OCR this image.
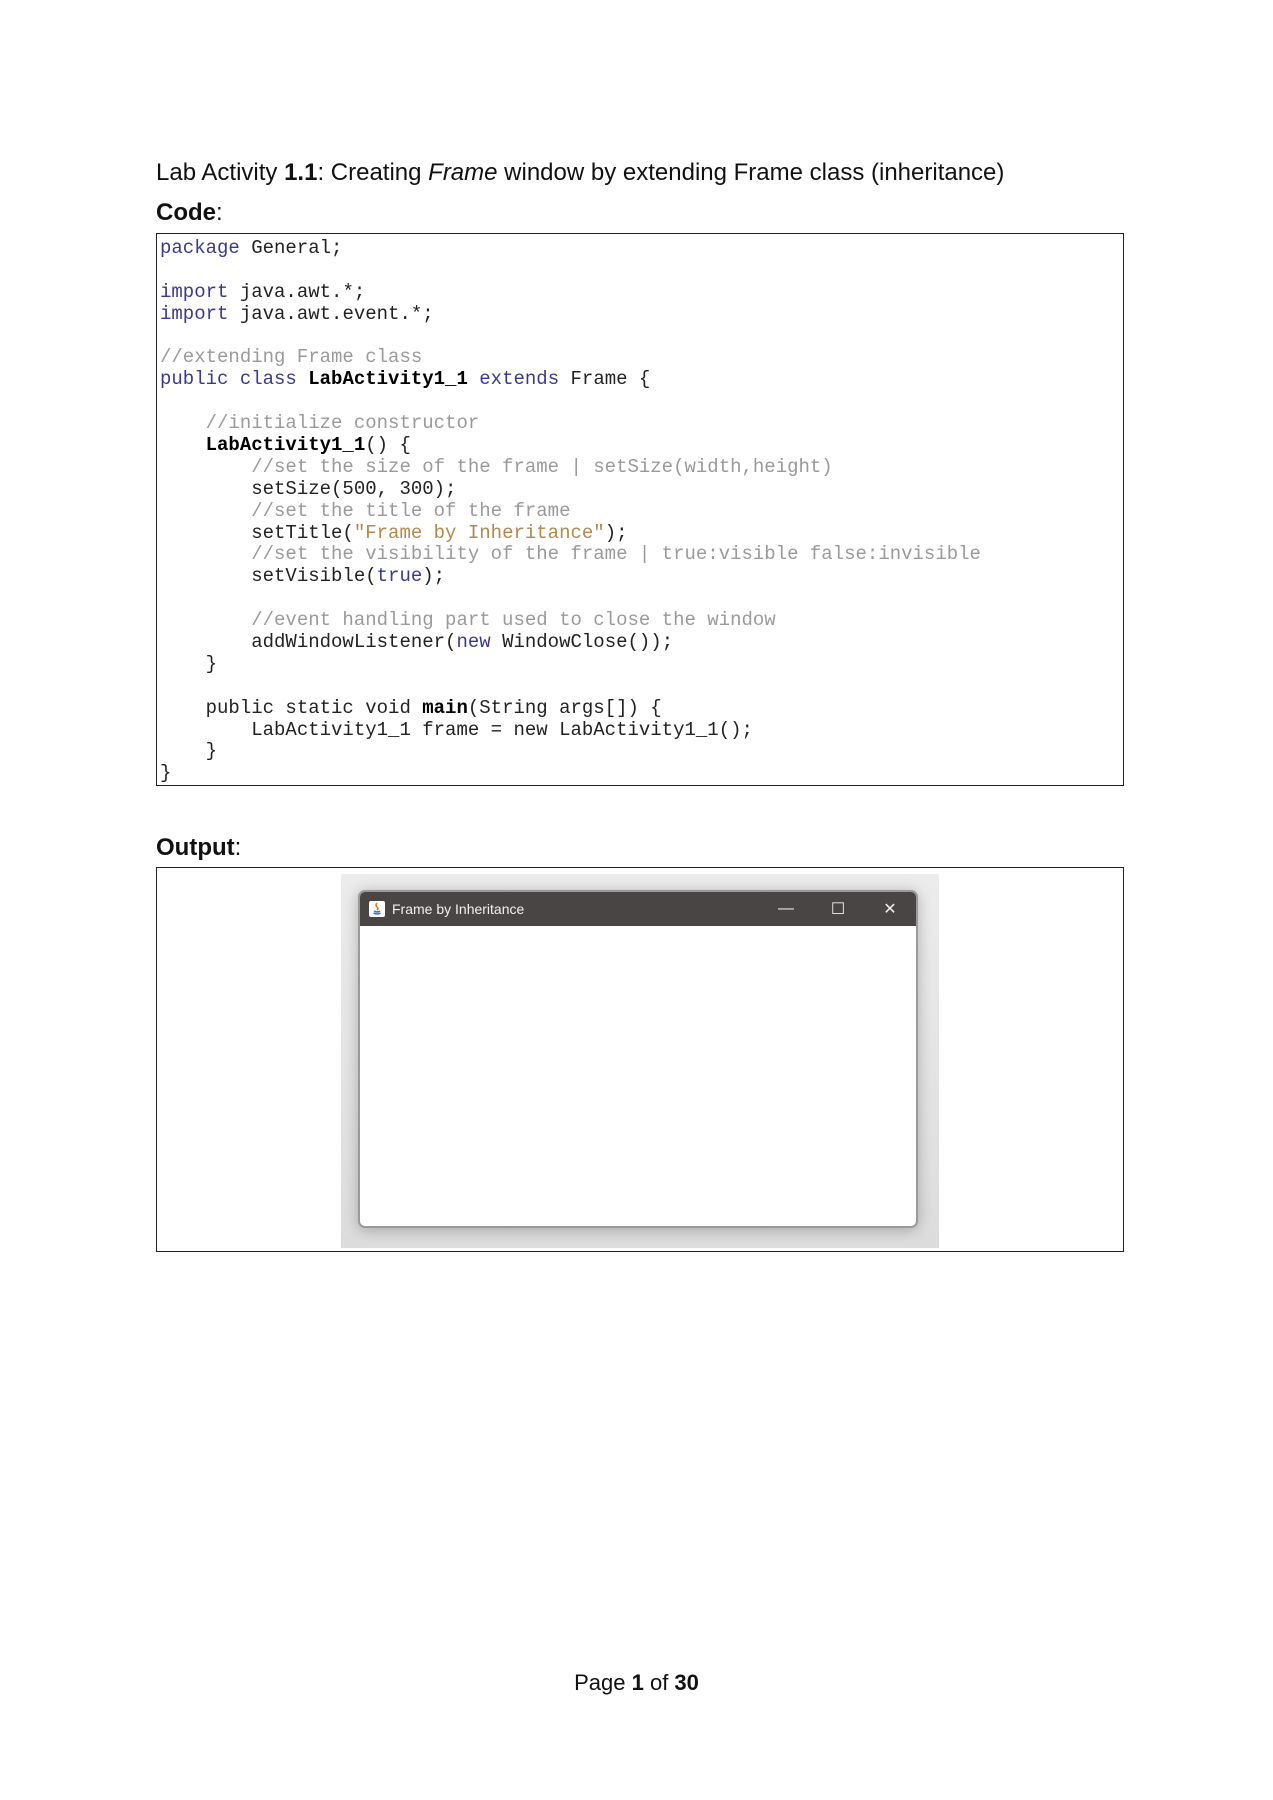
Lab Activity 1.1: Creating Frame window by extending Frame class (inheritance)
Code:
package General;

import java.awt.*;
import java.awt.event.*;

//extending Frame class
public class LabActivity1_1 extends Frame {

//initialize constructor
LabActivity1_1() {
//set the size of the frame | setSize(width,height)
setSize(500, 300);
//set the title of the frame
setTitle("Frame by Inheritance");
//set the visibility of the frame | true:visible false:invisible
setVisible(true);

//event handling part used to close the window
addWindowListener(new WindowClose());
}

public static void main(String args[]) {
LabActivity1_1 frame = new LabActivity1_1();
}
}
Output:
Frame by Inheritance	—	☐	✕
Page 1 of 30
